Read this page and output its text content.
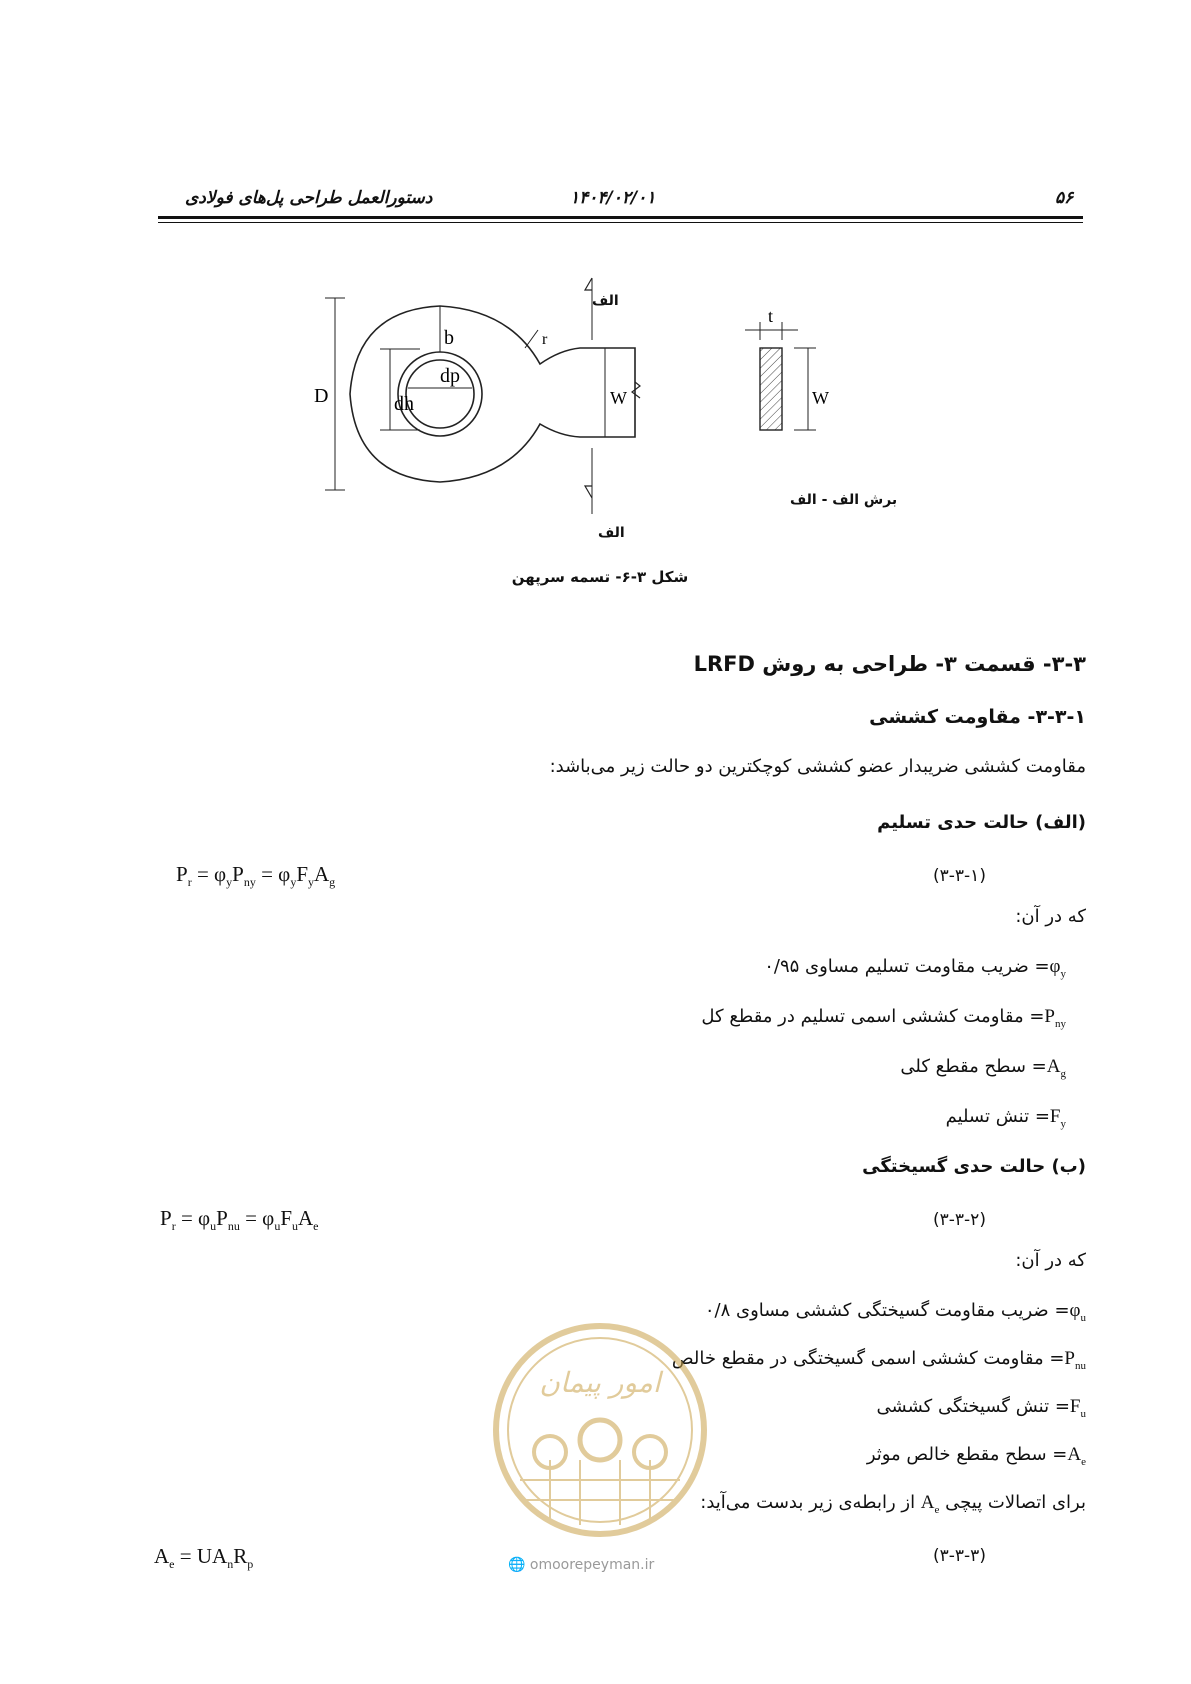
۵۶
۱۴۰۴/۰۲/۰۱
دستورالعمل طراحی پل‌های فولادی
D
b	r
dh
dp
W
t
W
الف
الف
برش الف - الف
شکل ۳-۶- تسمه سرپهن
۳-۳- قسمت ۳- طراحی به روش LRFD
۳-۳-۱- مقاومت کششی
مقاومت کششی ضریبدار عضو کششی کوچکترین دو حالت زیر می‌باشد:
(الف) حالت حدی تسلیم
$P_r = \varphi_yP_{ny} = \varphi_yF_yA_g$	(۳-۳-۱)
که در آن:
$\varphi_y=$ ضریب مقاومت تسلیم مساوی ۰/۹۵
$P_{ny}=$ مقاومت کششی اسمی تسلیم در مقطع کل
$A_g=$ سطح مقطع کلی
$F_y=$ تنش تسلیم
(ب) حالت حدی گسیختگی
$P_r = \varphi_uP_{nu} = \varphi_uF_uA_e$	(۳-۳-۲)
که در آن:
$\varphi_u=$ ضریب مقاومت گسیختگی کششی مساوی ۰/۸
$P_{nu}=$ مقاومت کششی اسمی گسیختگی در مقطع خالص
$F_u=$ تنش گسیختگی کششی
$A_e=$ سطح مقطع خالص موثر
برای اتصالات پیچی $A_e$ از رابطه‌ی زیر بدست می‌آید:
$A_e = UA_nR_p$	(۳-۳-۳)
امور پیمان
🌐 omoorepeyman.ir
